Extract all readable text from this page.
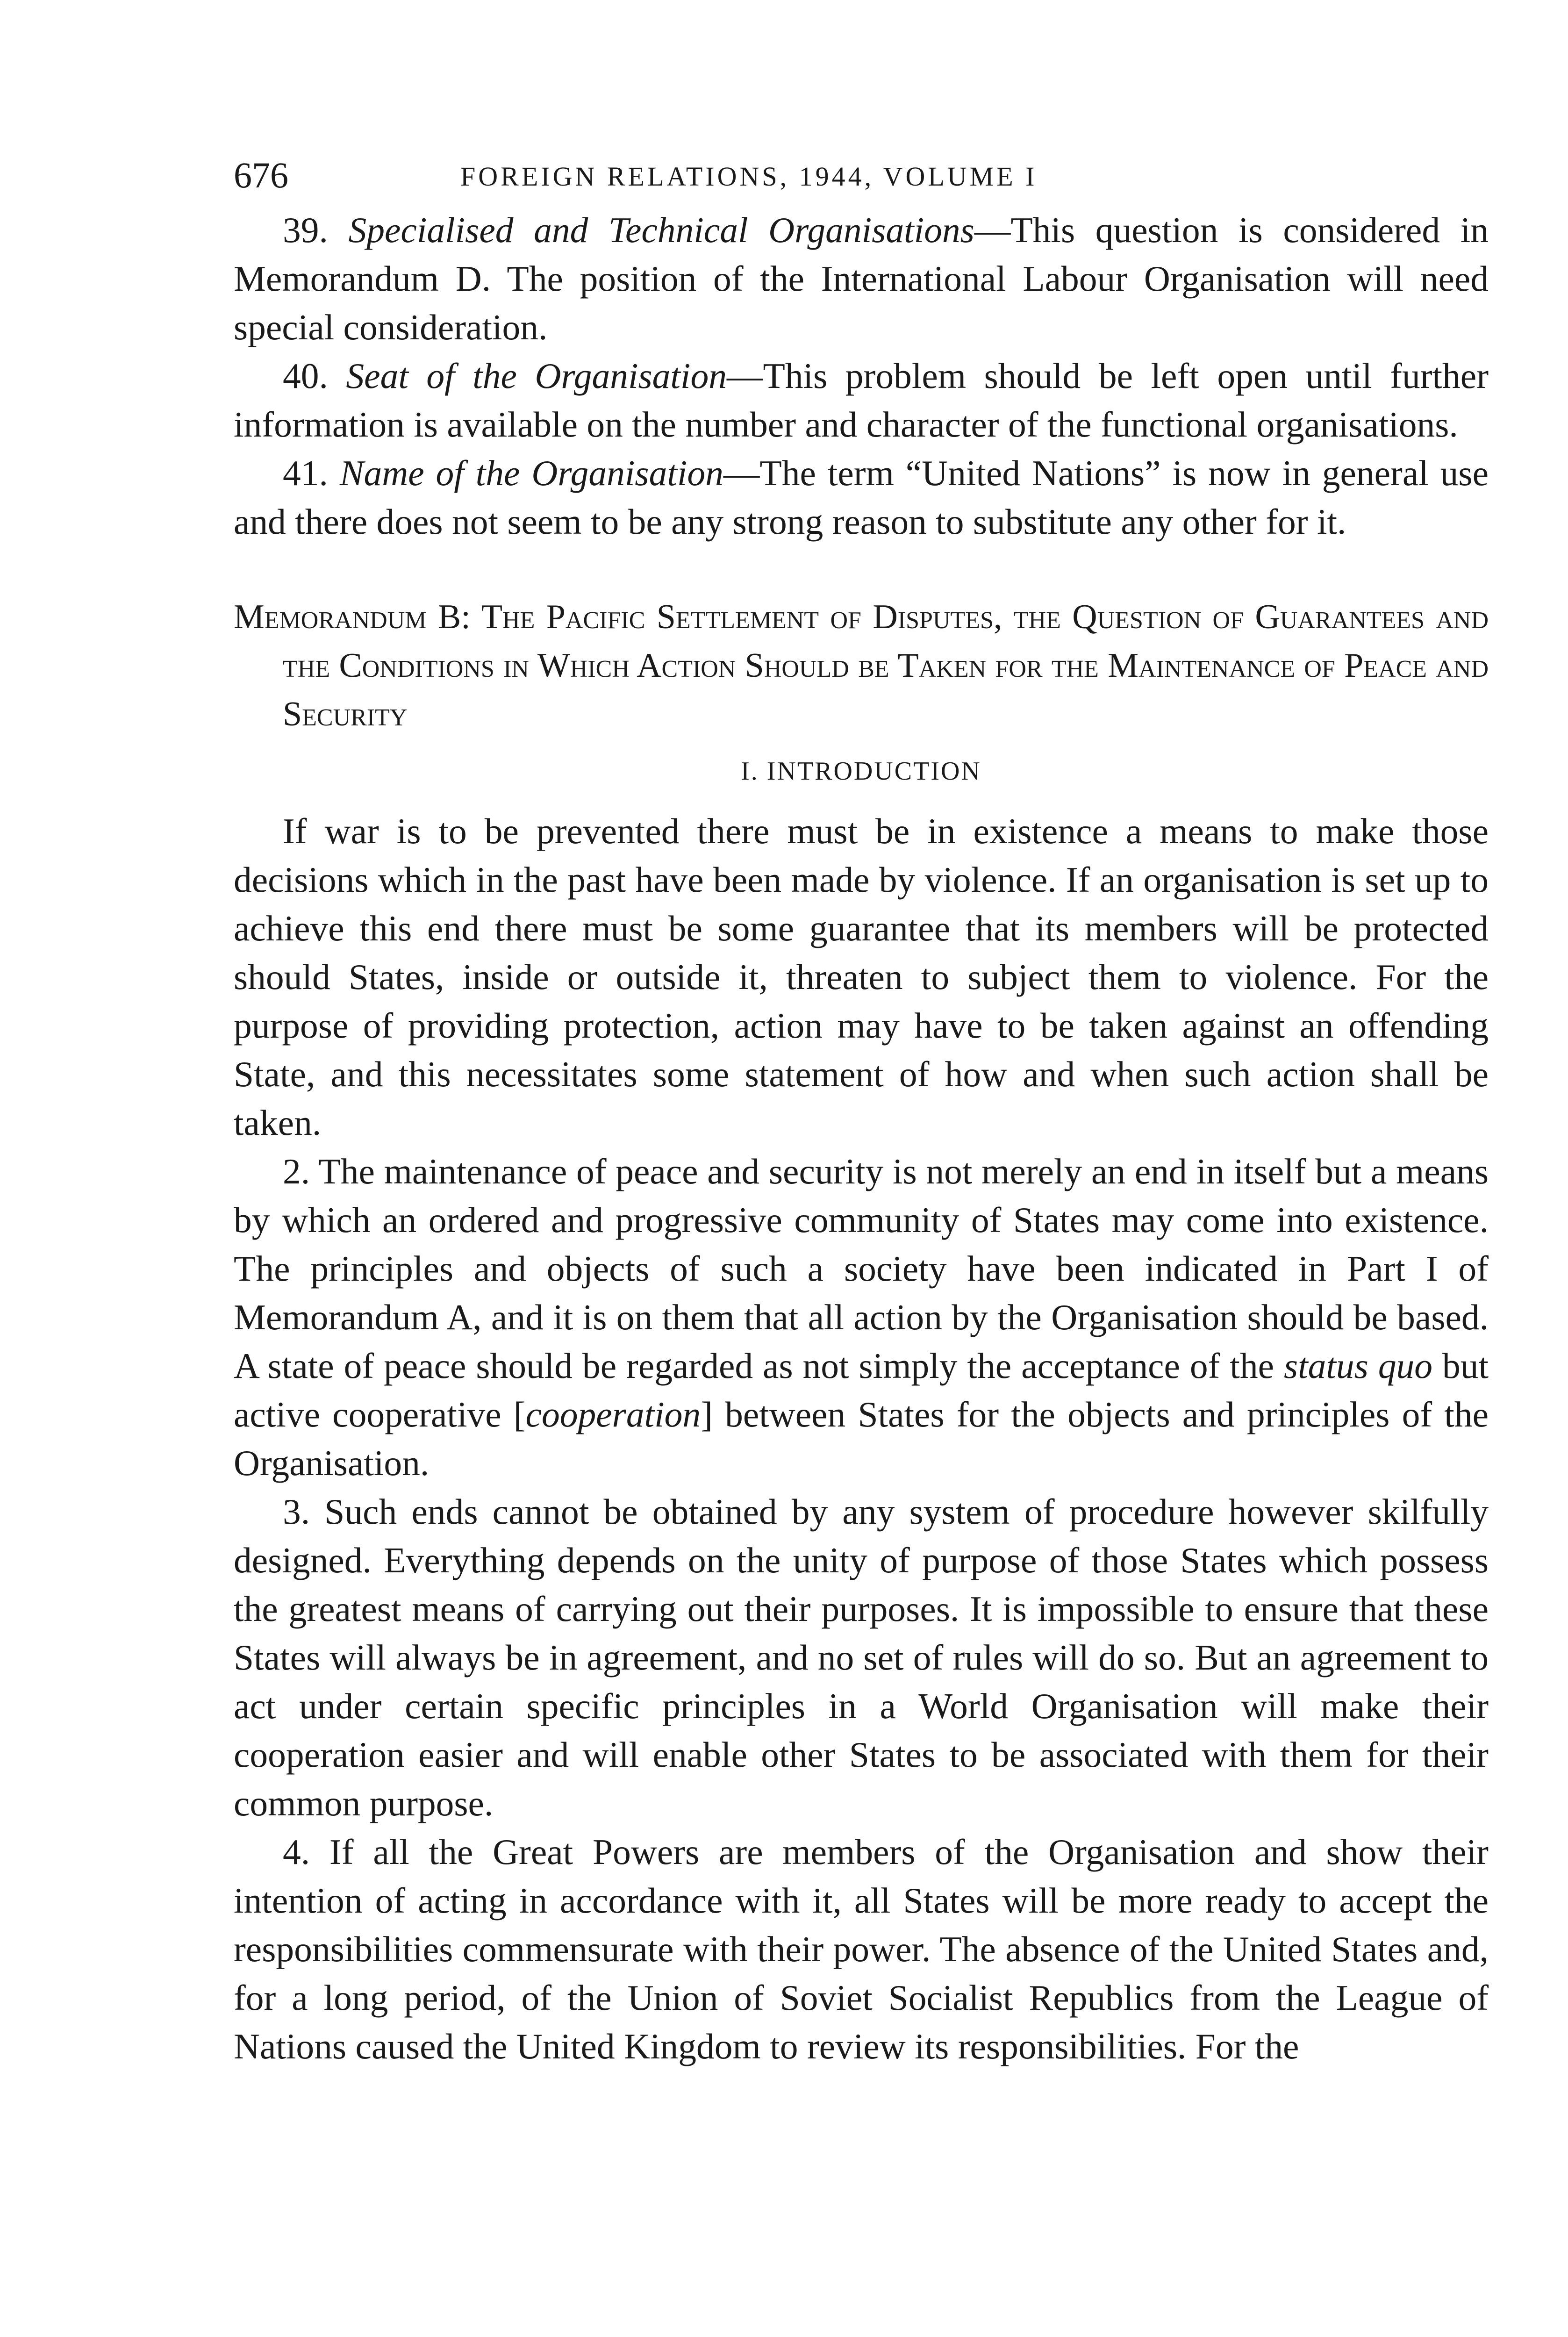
676	FOREIGN RELATIONS, 1944, VOLUME I

39. Specialised and Technical Organisations—This question is considered in Memorandum D. The position of the International Labour Organisation will need special consideration.

40. Seat of the Organisation—This problem should be left open until further information is available on the number and character of the functional organisations.

41. Name of the Organisation—The term “United Nations” is now in general use and there does not seem to be any strong reason to substitute any other for it.

Memorandum B: The Pacific Settlement of Disputes, the Question of Guarantees and the Conditions in Which Action Should be Taken for the Maintenance of Peace and Security
I. INTRODUCTION

If war is to be prevented there must be in existence a means to make those decisions which in the past have been made by violence. If an organisation is set up to achieve this end there must be some guarantee that its members will be protected should States, inside or outside it, threaten to subject them to violence. For the purpose of providing protection, action may have to be taken against an offending State, and this necessitates some statement of how and when such action shall be taken.

2. The maintenance of peace and security is not merely an end in itself but a means by which an ordered and progressive community of States may come into existence. The principles and objects of such a society have been indicated in Part I of Memorandum A, and it is on them that all action by the Organisation should be based. A state of peace should be regarded as not simply the acceptance of the status quo but active cooperative [cooperation] between States for the objects and principles of the Organisation.

3. Such ends cannot be obtained by any system of procedure however skilfully designed. Everything depends on the unity of purpose of those States which possess the greatest means of carrying out their purposes. It is impossible to ensure that these States will always be in agreement, and no set of rules will do so. But an agreement to act under certain specific principles in a World Organisation will make their cooperation easier and will enable other States to be associated with them for their common purpose.

4. If all the Great Powers are members of the Organisation and show their intention of acting in accordance with it, all States will be more ready to accept the responsibilities commensurate with their power. The absence of the United States and, for a long period, of the Union of Soviet Socialist Republics from the League of Nations caused the United Kingdom to review its responsibilities. For the
